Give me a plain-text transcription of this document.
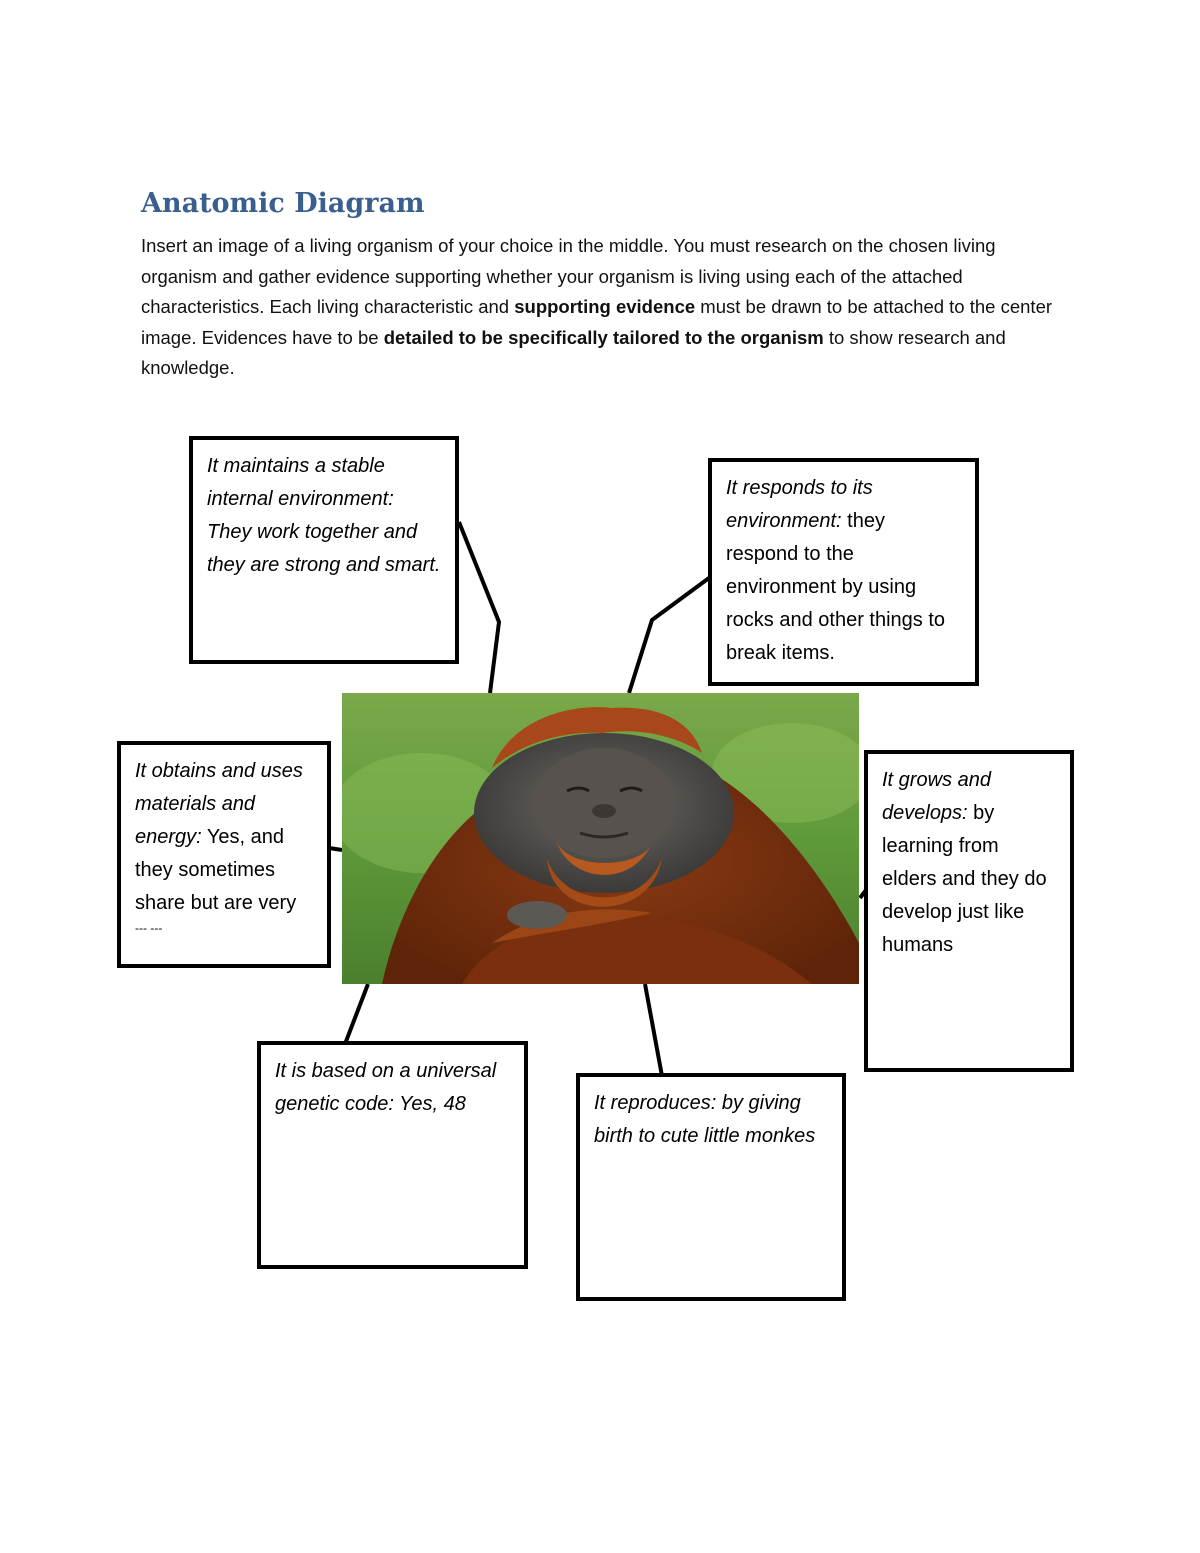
Anatomic Diagram

Insert an image of a living organism of your choice in the middle. You must research on the chosen living organism and gather evidence supporting whether your organism is living using each of the attached characteristics. Each living characteristic and supporting evidence must be drawn to be attached to the center image. Evidences have to be detailed to be specifically tailored to the organism to show research and knowledge.

It maintains a stable internal environment: They work together and they are strong and smart.
It responds to its environment: they respond to the environment by using rocks and other things to break items.
It obtains and uses materials and energy: Yes, and they sometimes share but are very
--- ---
It grows and develops: by learning from elders and they do develop just like humans
It is based on a universal genetic code: Yes, 48	It reproduces: by giving birth to cute little monkes
